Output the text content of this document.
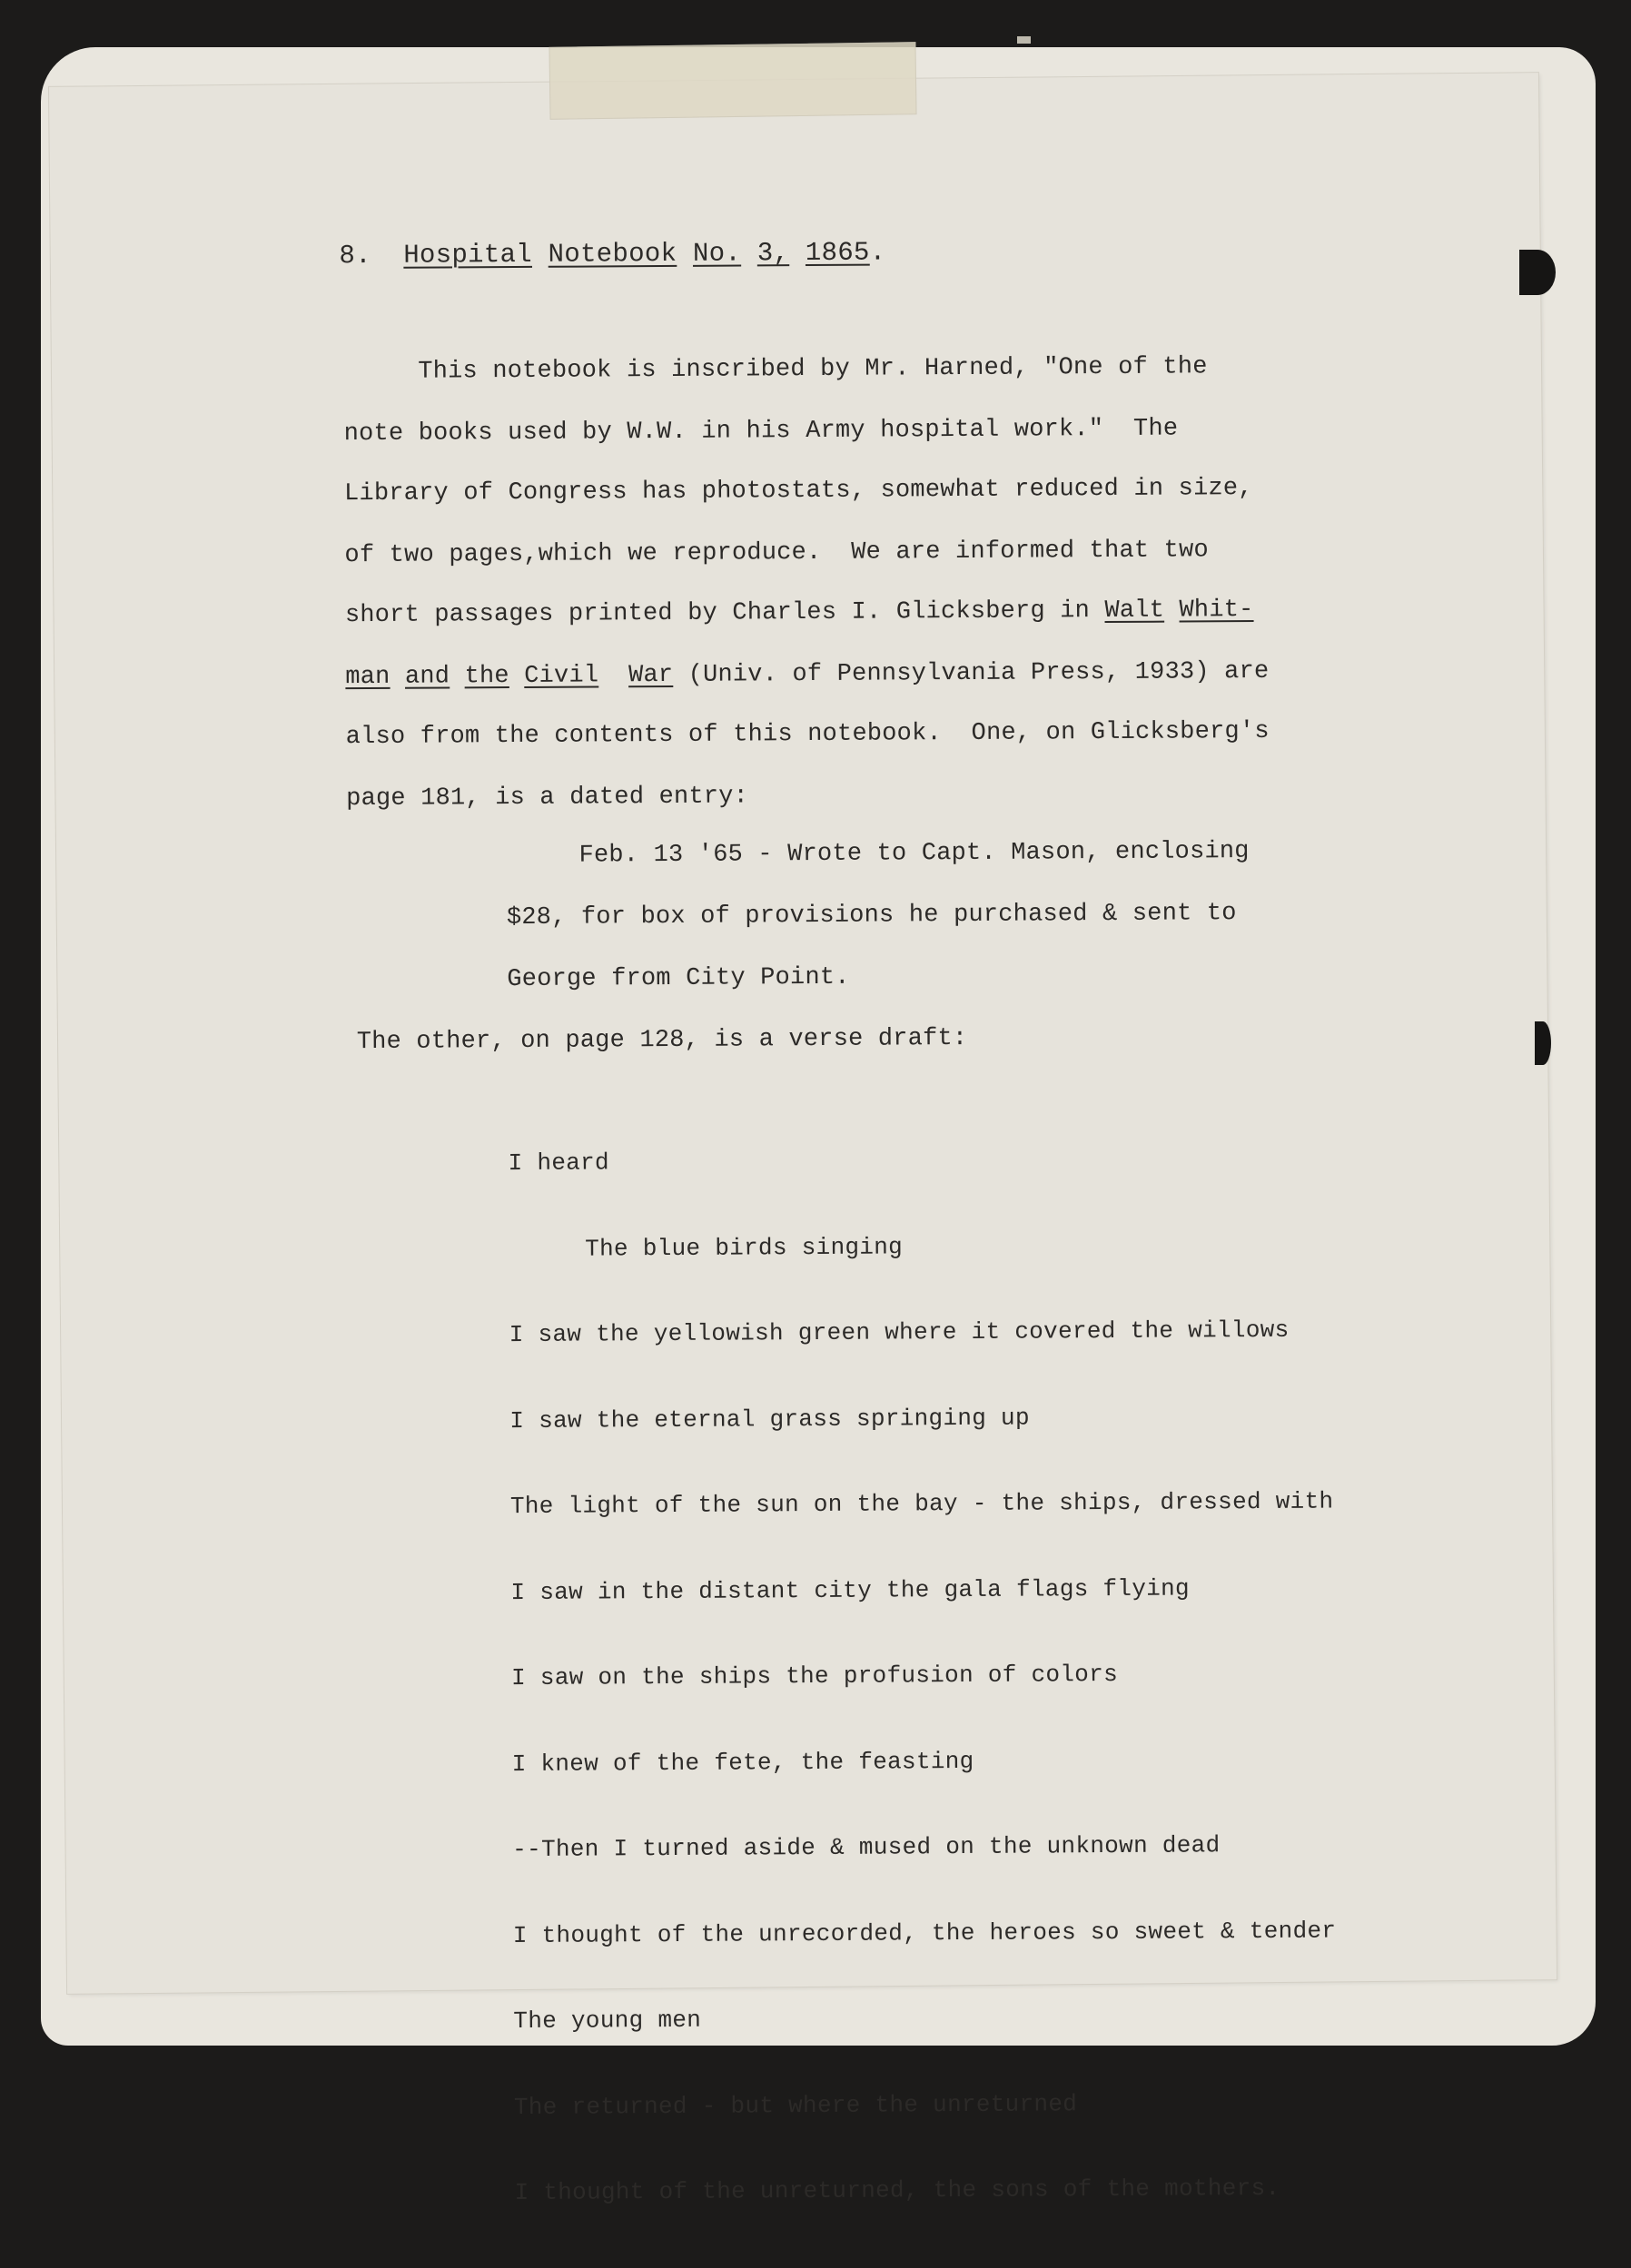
8. Hospital Notebook No. 3, 1865.
This notebook is inscribed by Mr. Harned, "One of the
note books used by W.W. in his Army hospital work."  The
Library of Congress has photostats, somewhat reduced in size,
of two pages,which we reproduce.  We are informed that two
short passages printed by Charles I. Glicksberg in Walt Whit-
man and the Civil War (Univ. of Pennsylvania Press, 1933) are
also from the contents of this notebook.  One, on Glicksberg's
page 181, is a dated entry:
Feb. 13 '65 - Wrote to Capt. Mason, enclosing
$28, for box of provisions he purchased & sent to
George from City Point.
The other, on page 128, is a verse draft:

I heard

The blue birds singing

I saw the yellowish green where it covered the willows

I saw the eternal grass springing up

The light of the sun on the bay - the ships, dressed with

I saw in the distant city the gala flags flying

I saw on the ships the profusion of colors

I knew of the fete, the feasting

--Then I turned aside & mused on the unknown dead

I thought of the unrecorded, the heroes so sweet & tender

The young men

The returned - but where the unreturned

I thought of the unreturned, the sons of the mothers.
